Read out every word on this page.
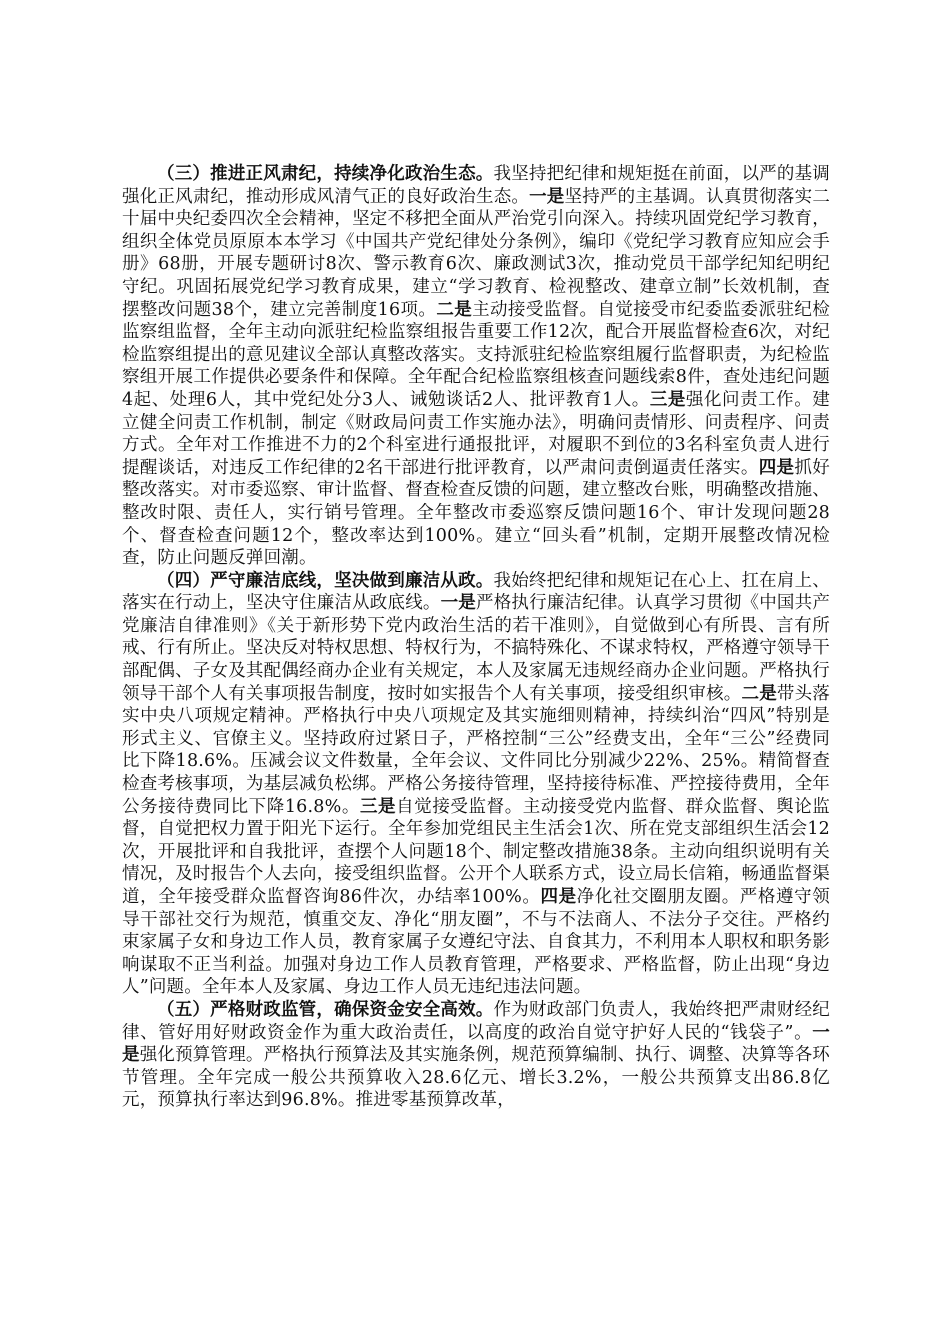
（三）推进正风肃纪，持续净化政治生态。我坚持把纪律和规矩挺在前面，以严的基调强化正风肃纪，推动形成风清气正的良好政治生态。一是坚持严的主基调。认真贯彻落实二十届中央纪委四次全会精神，坚定不移把全面从严治党引向深入。持续巩固党纪学习教育，组织全体党员原原本本学习《中国共产党纪律处分条例》，编印《党纪学习教育应知应会手册》68册，开展专题研讨8次、警示教育6次、廉政测试3次，推动党员干部学纪知纪明纪守纪。巩固拓展党纪学习教育成果，建立“学习教育、检视整改、建章立制”长效机制，查摆整改问题38个，建立完善制度16项。二是主动接受监督。自觉接受市纪委监委派驻纪检监察组监督，全年主动向派驻纪检监察组报告重要工作12次，配合开展监督检查6次，对纪检监察组提出的意见建议全部认真整改落实。支持派驻纪检监察组履行监督职责，为纪检监察组开展工作提供必要条件和保障。全年配合纪检监察组核查问题线索8件，查处违纪问题4起、处理6人，其中党纪处分3人、诫勉谈话2人、批评教育1人。三是强化问责工作。建立健全问责工作机制，制定《财政局问责工作实施办法》，明确问责情形、问责程序、问责方式。全年对工作推进不力的2个科室进行通报批评，对履职不到位的3名科室负责人进行提醒谈话，对违反工作纪律的2名干部进行批评教育，以严肃问责倒逼责任落实。四是抓好整改落实。对市委巡察、审计监督、督查检查反馈的问题，建立整改台账，明确整改措施、整改时限、责任人，实行销号管理。全年整改市委巡察反馈问题16个、审计发现问题28个、督查检查问题12个，整改率达到100%。建立“回头看”机制，定期开展整改情况检查，防止问题反弹回潮。

（四）严守廉洁底线，坚决做到廉洁从政。我始终把纪律和规矩记在心上、扛在肩上、落实在行动上，坚决守住廉洁从政底线。一是严格执行廉洁纪律。认真学习贯彻《中国共产党廉洁自律准则》《关于新形势下党内政治生活的若干准则》，自觉做到心有所畏、言有所戒、行有所止。坚决反对特权思想、特权行为，不搞特殊化、不谋求特权，严格遵守领导干部配偶、子女及其配偶经商办企业有关规定，本人及家属无违规经商办企业问题。严格执行领导干部个人有关事项报告制度，按时如实报告个人有关事项，接受组织审核。二是带头落实中央八项规定精神。严格执行中央八项规定及其实施细则精神，持续纠治“四风”特别是形式主义、官僚主义。坚持政府过紧日子，严格控制“三公”经费支出，全年“三公”经费同比下降18.6%。压减会议文件数量，全年会议、文件同比分别减少22%、25%。精简督查检查考核事项，为基层减负松绑。严格公务接待管理，坚持接待标准、严控接待费用，全年公务接待费同比下降16.8%。三是自觉接受监督。主动接受党内监督、群众监督、舆论监督，自觉把权力置于阳光下运行。全年参加党组民主生活会1次、所在党支部组织生活会12次，开展批评和自我批评，查摆个人问题18个、制定整改措施38条。主动向组织说明有关情况，及时报告个人去向，接受组织监督。公开个人联系方式，设立局长信箱，畅通监督渠道，全年接受群众监督咨询86件次，办结率100%。四是净化社交圈朋友圈。严格遵守领导干部社交行为规范，慎重交友、净化“朋友圈”，不与不法商人、不法分子交往。严格约束家属子女和身边工作人员，教育家属子女遵纪守法、自食其力，不利用本人职权和职务影响谋取不正当利益。加强对身边工作人员教育管理，严格要求、严格监督，防止出现“身边人”问题。全年本人及家属、身边工作人员无违纪违法问题。

（五）严格财政监管，确保资金安全高效。作为财政部门负责人，我始终把严肃财经纪律、管好用好财政资金作为重大政治责任，以高度的政治自觉守护好人民的“钱袋子”。一是强化预算管理。严格执行预算法及其实施条例，规范预算编制、执行、调整、决算等各环节管理。全年完成一般公共预算收入28.6亿元、增长3.2%，一般公共预算支出86.8亿元，预算执行率达到96.8%。推进零基预算改革，
